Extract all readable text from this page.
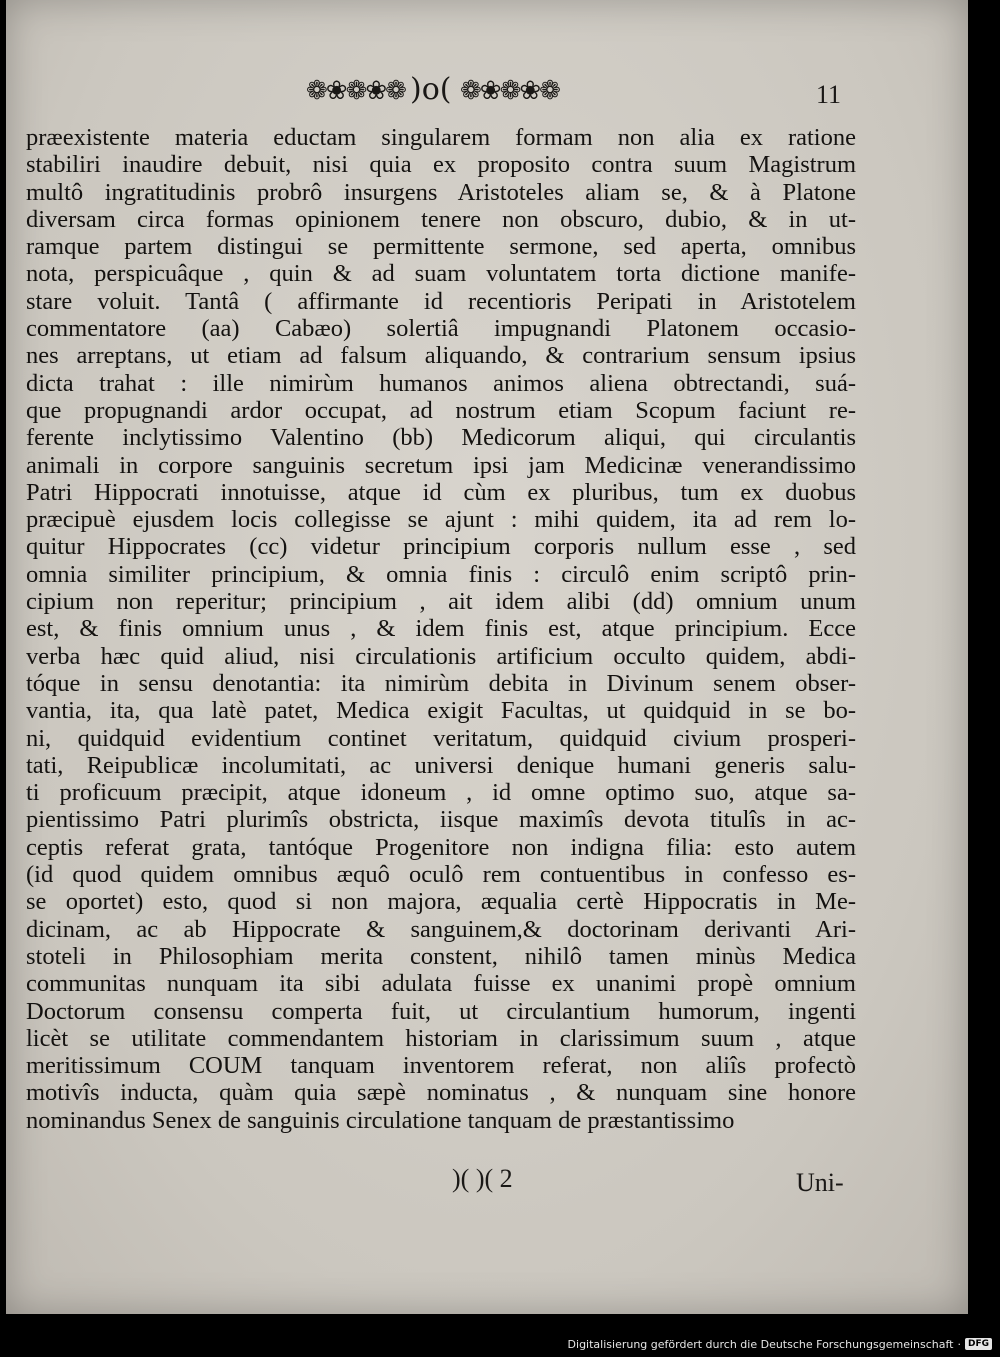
❁❀❁❀❁ )o( ❁❀❁❀❁	11
præexistente materia eductam singularem formam non alia ex ratione
stabiliri inaudire debuit, nisi quia ex proposito contra suum Magistrum
multô ingratitudinis probrô insurgens Aristoteles aliam se, & à Platone
diversam circa formas opinionem tenere non obscuro, dubio, & in ut-
ramque partem distingui se permittente sermone, sed aperta, omnibus
nota, perspicuâque , quin & ad suam voluntatem torta dictione manife-
stare voluit. Tantâ ( affirmante id recentioris Peripati in Aristotelem
commentatore (aa) Cabæo) solertiâ impugnandi Platonem occasio-
nes arreptans, ut etiam ad falsum aliquando, & contrarium sensum ipsius
dicta trahat : ille nimirùm humanos animos aliena obtrectandi, suá-
que propugnandi ardor occupat, ad nostrum etiam Scopum faciunt re-
ferente inclytissimo Valentino (bb) Medicorum aliqui, qui circulantis
animali in corpore sanguinis secretum ipsi jam Medicinæ venerandissimo
Patri Hippocrati innotuisse, atque id cùm ex pluribus, tum ex duobus
præcipuè ejusdem locis collegisse se ajunt : mihi quidem, ita ad rem lo-
quitur Hippocrates (cc) videtur principium corporis nullum esse , sed
omnia similiter principium, & omnia finis : circulô enim scriptô prin-
cipium non reperitur; principium , ait idem alibi (dd) omnium unum
est, & finis omnium unus , & idem finis est, atque principium. Ecce
verba hæc quid aliud, nisi circulationis artificium occulto quidem, abdi-
tóque in sensu denotantia: ita nimirùm debita in Divinum senem obser-
vantia, ita, qua latè patet, Medica exigit Facultas, ut quidquid in se bo-
ni, quidquid evidentium continet veritatum, quidquid civium prosperi-
tati, Reipublicæ incolumitati, ac universi denique humani generis salu-
ti proficuum præcipit, atque idoneum , id omne optimo suo, atque sa-
pientissimo Patri plurimîs obstricta, iisque maximîs devota titulîs in ac-
ceptis referat grata, tantóque Progenitore non indigna filia: esto autem
(id quod quidem omnibus æquô oculô rem contuentibus in confesso es-
se oportet) esto, quod si non majora, æqualia certè Hippocratis in Me-
dicinam, ac ab Hippocrate & sanguinem,& doctorinam derivanti Ari-
stoteli in Philosophiam merita constent, nihilô tamen minùs Medica
communitas nunquam ita sibi adulata fuisse ex unanimi propè omnium
Doctorum consensu comperta fuit, ut circulantium humorum, ingenti
licèt se utilitate commendantem historiam in clarissimum suum , atque
meritissimum COUM tanquam inventorem referat, non aliîs profectò
motivîs inducta, quàm quia sæpè nominatus , & nunquam sine honore
nominandus Senex de sanguinis circulatione tanquam de præstantissimo
)( )( 2	Uni-
Digitalisierung gefördert durch die Deutsche Forschungsgemeinschaft · DFG
